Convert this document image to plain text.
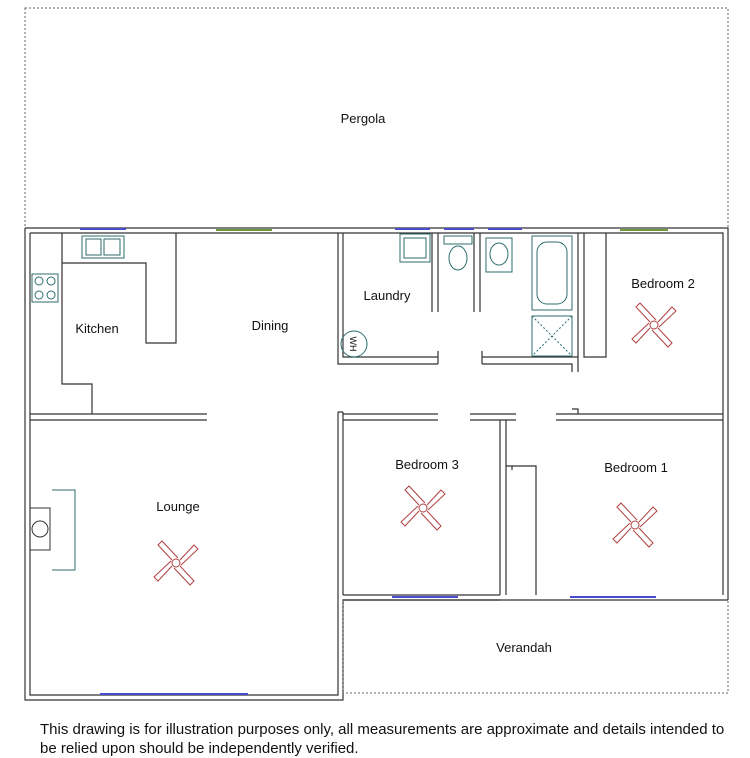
WH
Pergola
Kitchen	Dining
Laundry
Bedroom 2
Bedroom 3	Bedroom 1
Lounge
Verandah
This drawing is for illustration purposes only, all measurements are approximate and details intended to be relied upon should be independently verified.
